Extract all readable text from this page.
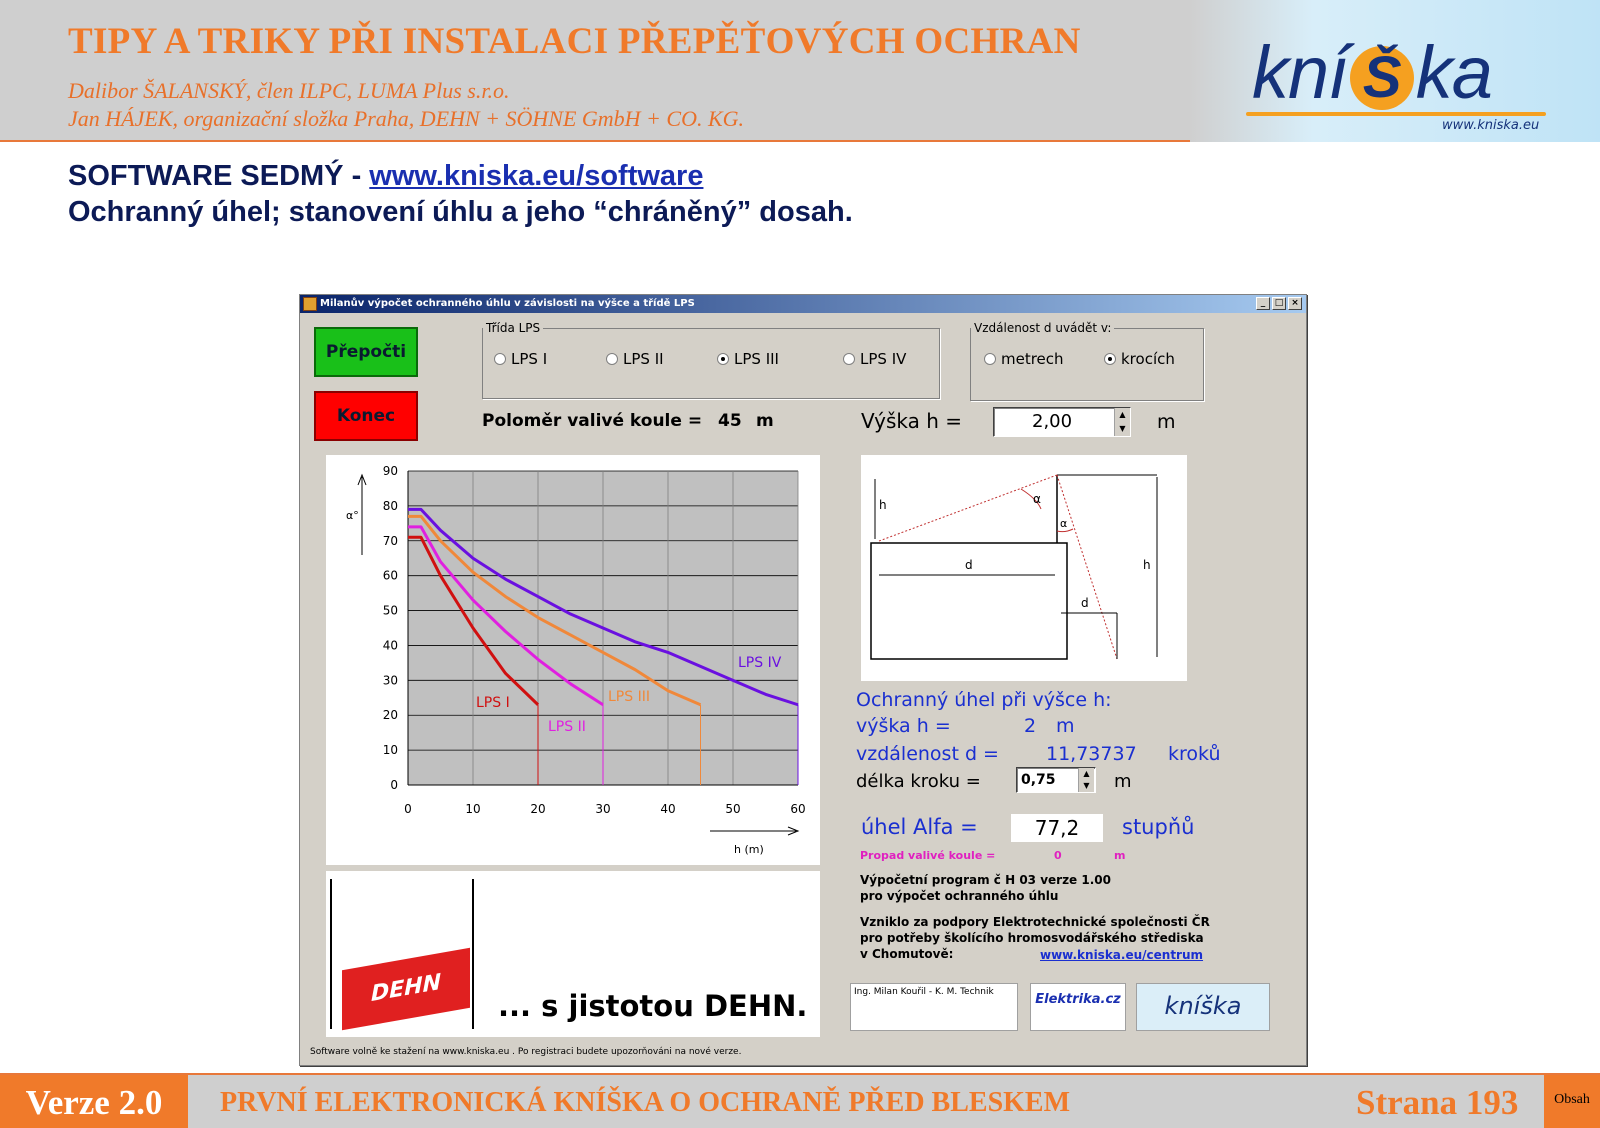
TIPY A TRIKY PŘI INSTALACI PŘEPĚŤOVÝCH OCHRAN
Dalibor ŠALANSKÝ, člen ILPC, LUMA Plus s.r.o.
Jan HÁJEK, organizační složka Praha, DEHN + SÖHNE GmbH + CO. KG.
kní Š ka
www.kniska.eu
SOFTWARE SEDMÝ - www.kniska.eu/software
Ochranný úhel; stanovení úhlu a jeho “chráněný” dosah.
Milanův výpočet ochranného úhlu v závislosti na výšce a třídě LPS	_	□ ×
Přepočti
Konec
Třída LPS
LPS I	LPS II	LPS III	LPS IV
Vzdálenost d uvádět v:
metrech	krocích
Poloměr valivé koule = 45 m	Výška h =	2,00	▲
▼ m
0
10
20
30
40
50
60
70
80
90
0	10	20	30	40	50	60
α°
h (m)
LPS I
LPS II
LPS III
LPS IV
h
h
d
d
α
α
Ochranný úhel při výšce h:
výška h =	2 m
vzdálenost d = 11,73737 kroků
délka kroku =	0,75	▲
▼ m
úhel Alfa =	77,2	stupňů
Propad valivé koule =	0	m
Výpočetní program č H 03 verze 1.00
pro výpočet ochranného úhlu
Vzniklo za podpory Elektrotechnické společnosti ČR
pro potřeby školícího hromosvodářského střediska
v Chomutově:	www.kniska.eu/centrum
Ing. Milan Kouřil - K. M. Technik	Elektrika.cz	kníška
DEHN	... s jistotou DEHN.
Software volně ke stažení na www.kniska.eu . Po registraci budete upozorňováni na nové verze.
Verze 2.0	PRVNÍ ELEKTRONICKÁ KNÍŠKA O OCHRANĚ PŘED BLESKEM	Strana 193	Obsah
